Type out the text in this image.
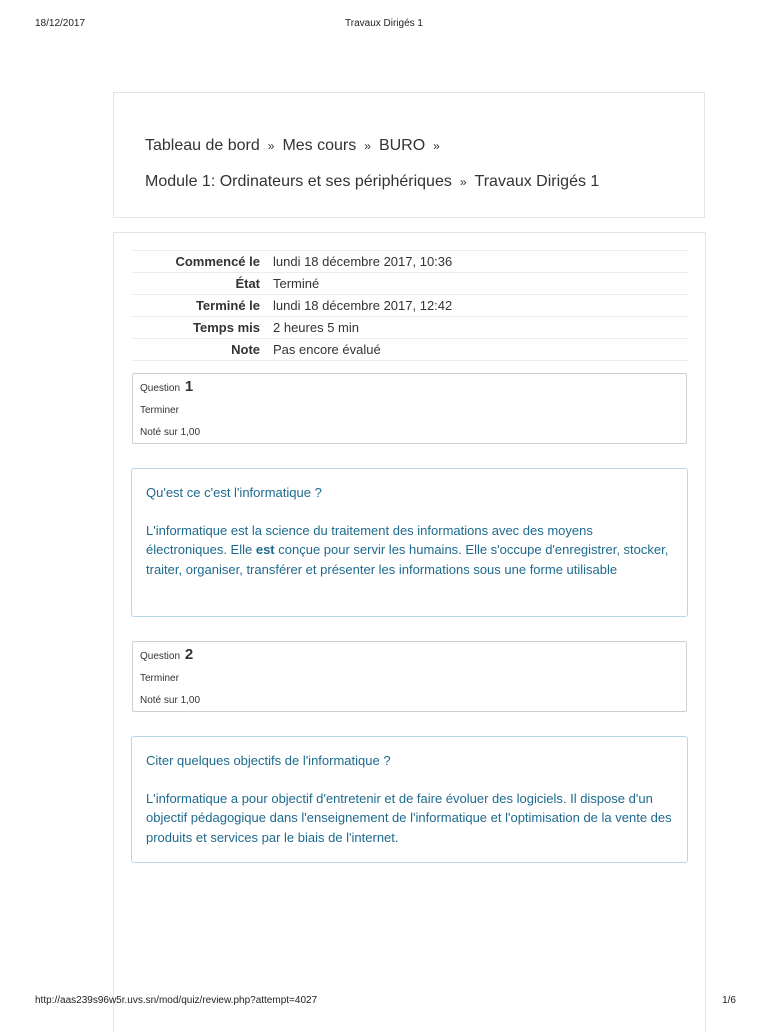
18/12/2017	Travaux Dirigés 1
Tableau de bord » Mes cours » BURO »
Module 1: Ordinateurs et ses périphériques » Travaux Dirigés 1
Commencé le lundi 18 décembre 2017, 10:36
État Terminé
Terminé le lundi 18 décembre 2017, 12:42
Temps mis 2 heures 5 min
Note Pas encore évalué
Question 1
Terminer
Noté sur 1,00
Qu'est ce c'est l'informatique ?
L'informatique est la science du traitement des informations avec des moyens électroniques. Elle est conçue pour servir les humains. Elle s'occupe d'enregistrer, stocker, traiter, organiser, transférer et présenter les informations sous une forme utilisable
Question 2
Terminer
Noté sur 1,00
Citer quelques objectifs de l'informatique ?
L'informatique a pour objectif d'entretenir et de faire évoluer des logiciels. Il dispose d'un objectif pédagogique dans l'enseignement de l'informatique et l'optimisation de la vente des produits et services par le biais de l'internet.
http://aas239s96w5r.uvs.sn/mod/quiz/review.php?attempt=4027	1/6
